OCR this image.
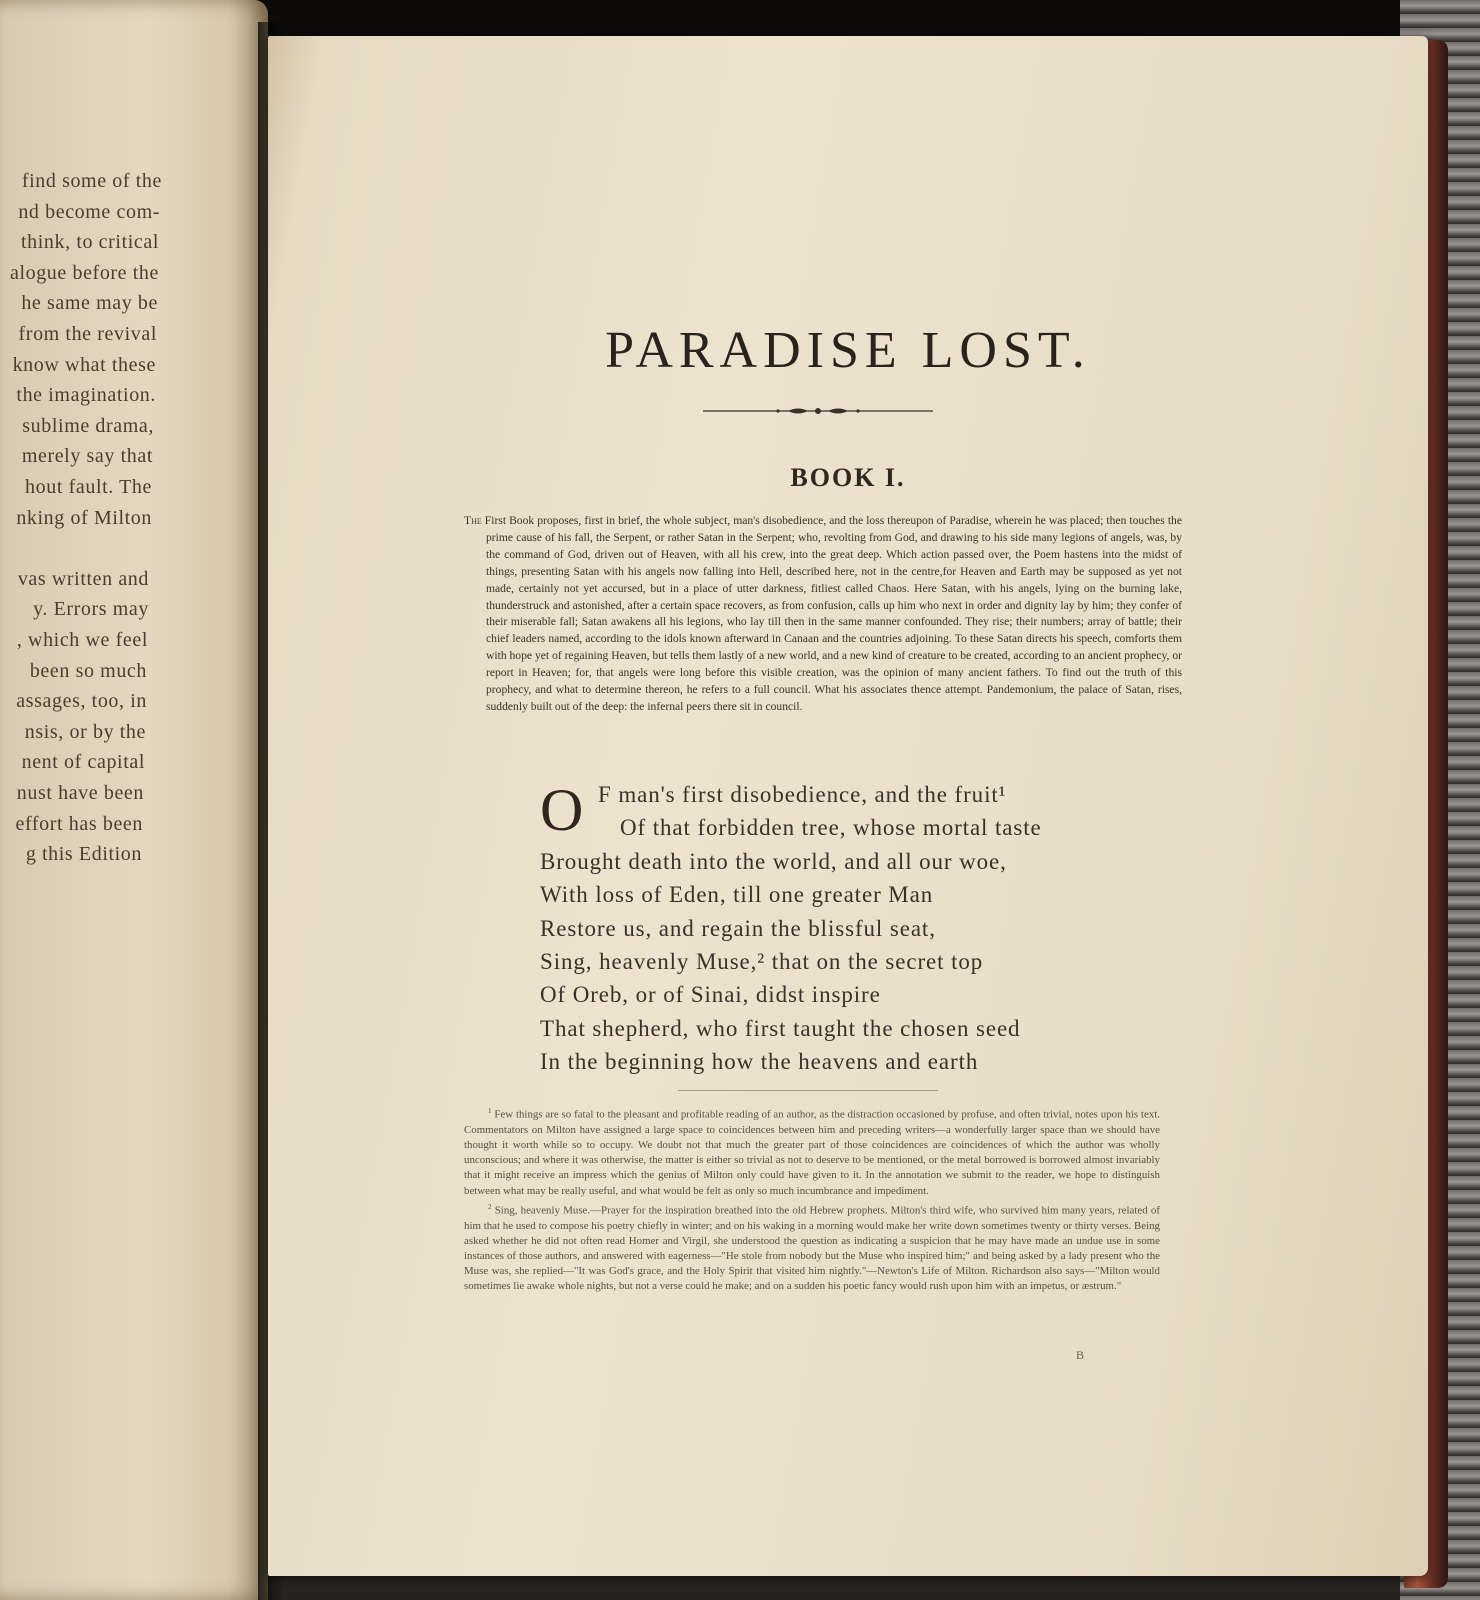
find some of the
nd become com-
think, to critical
alogue before the
he same may be
from the revival
know what these
the imagination.
sublime drama,
merely say that
hout fault. The
nking of Milton
vas written and
y. Errors may
, which we feel
been so much
assages, too, in
nsis, or by the
nent of capital
nust have been
effort has been
g this Edition
PARADISE LOST.
BOOK I.

The First Book proposes, first in brief, the whole subject, man's disobedience, and the loss thereupon of Paradise, wherein he was placed; then touches the prime cause of his fall, the Serpent, or rather Satan in the Serpent; who, revolting from God, and drawing to his side many legions of angels, was, by the command of God, driven out of Heaven, with all his crew, into the great deep. Which action passed over, the Poem hastens into the midst of things, presenting Satan with his angels now falling into Hell, described here, not in the centre,for Heaven and Earth may be supposed as yet not made, certainly not yet accursed, but in a place of utter darkness, fitliest called Chaos. Here Satan, with his angels, lying on the burning lake, thunderstruck and astonished, after a certain space recovers, as from confusion, calls up him who next in order and dignity lay by him; they confer of their miserable fall; Satan awakens all his legions, who lay till then in the same manner confounded. They rise; their numbers; array of battle; their chief leaders named, according to the idols known afterward in Canaan and the countries adjoining. To these Satan directs his speech, comforts them with hope yet of regaining Heaven, but tells them lastly of a new world, and a new kind of creature to be created, according to an ancient prophecy, or report in Heaven; for, that angels were long before this visible creation, was the opinion of many ancient fathers. To find out the truth of this prophecy, and what to determine thereon, he refers to a full council. What his associates thence attempt. Pandemonium, the palace of Satan, rises, suddenly built out of the deep: the infernal peers there sit in council.

O F man's first disobedience, and the fruit¹
Of that forbidden tree, whose mortal taste
Brought death into the world, and all our woe,
With loss of Eden, till one greater Man
Restore us, and regain the blissful seat,
Sing, heavenly Muse,² that on the secret top
Of Oreb, or of Sinai, didst inspire
That shepherd, who first taught the chosen seed
In the beginning how the heavens and earth

$^1$ Few things are so fatal to the pleasant and profitable reading of an author, as the distraction occasioned by profuse, and often trivial, notes upon his text. Commentators on Milton have assigned a large space to coincidences between him and preceding writers—a wonderfully larger space than we should have thought it worth while so to occupy. We doubt not that much the greater part of those coincidences are coincidences of which the author was wholly unconscious; and where it was otherwise, the matter is either so trivial as not to deserve to be mentioned, or the metal borrowed is borrowed almost invariably that it might receive an impress which the genius of Milton only could have given to it. In the annotation we submit to the reader, we hope to distinguish between what may be really useful, and what would be felt as only so much incumbrance and impediment.

$^2$ Sing, heavenly Muse.—Prayer for the inspiration breathed into the old Hebrew prophets. Milton's third wife, who survived him many years, related of him that he used to compose his poetry chiefly in winter; and on his waking in a morning would make her write down sometimes twenty or thirty verses. Being asked whether he did not often read Homer and Virgil, she understood the question as indicating a suspicion that he may have made an undue use in some instances of those authors, and answered with eagerness—"He stole from nobody but the Muse who inspired him;" and being asked by a lady present who the Muse was, she replied—"It was God's grace, and the Holy Spirit that visited him nightly."—Newton's Life of Milton. Richardson also says—"Milton would sometimes lie awake whole nights, but not a verse could he make; and on a sudden his poetic fancy would rush upon him with an impetus, or æstrum."

B
